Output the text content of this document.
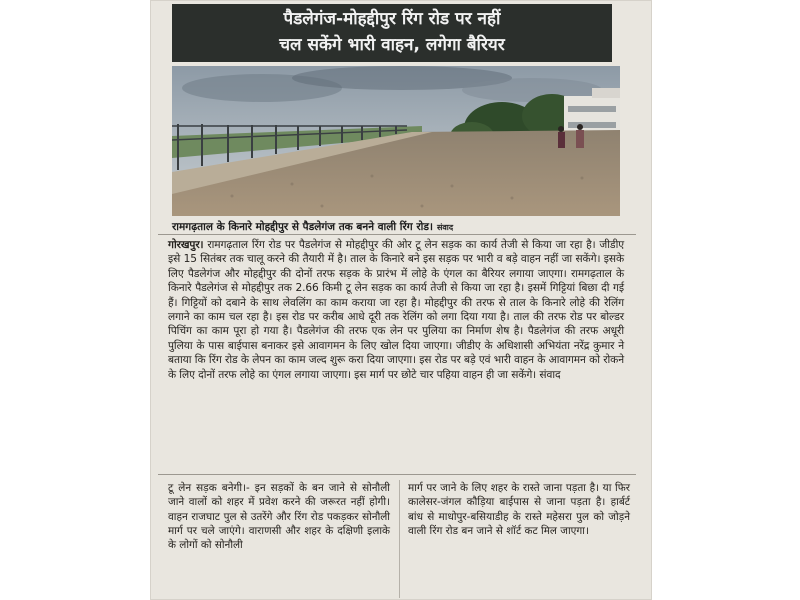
पैडलेगंज-मोहद्दीपुर रिंग रोड पर नहीं
चल सकेंगे भारी वाहन, लगेगा बैरियर
रामगढ़ताल के किनारे मोहद्दीपुर से पैडलेगंज तक बनने वाली रिंग रोड। संवाद
गोरखपुर। रामगढ़ताल रिंग रोड पर पैडलेगंज से मोहद्दीपुर की ओर टू लेन सड़क का कार्य तेजी से किया जा रहा है। जीडीए इसे 15 सितंबर तक चालू करने की तैयारी में है। ताल के किनारे बने इस सड़क पर भारी व बड़े वाहन नहीं जा सकेंगे। इसके लिए पैडलेगंज और मोहद्दीपुर की दोनों तरफ सड़क के प्रारंभ में लोहे के एंगल का बैरियर लगाया जाएगा। रामगढ़ताल के किनारे पैडलेगंज से मोहद्दीपुर तक 2.66 किमी टू लेन सड़क का कार्य तेजी से किया जा रहा है। इसमें गिट्टियां बिछा दी गई हैं। गिट्टियों को दबाने के साथ लेवलिंग का काम कराया जा रहा है। मोहद्दीपुर की तरफ से ताल के किनारे लोहे की रेलिंग लगाने का काम चल रहा है। इस रोड पर करीब आधे दूरी तक रेलिंग को लगा दिया गया है। ताल की तरफ रोड पर बोल्डर पिचिंग का काम पूरा हो गया है। पैडलेगंज की तरफ एक लेन पर पुलिया का निर्माण शेष है। पैडलेगंज की तरफ अधूरी पुलिया के पास बाईपास बनाकर इसे आवागमन के लिए खोल दिया जाएगा। जीडीए के अधिशासी अभियंता नरेंद्र कुमार ने बताया कि रिंग रोड के लेपन का काम जल्द शुरू करा दिया जाएगा। इस रोड पर बड़े एवं भारी वाहन के आवागमन को रोकने के लिए दोनों तरफ लोहे का एंगल लगाया जाएगा। इस मार्ग पर छोटे चार पहिया वाहन ही जा सकेंगे। संवाद
टू लेन सड़क बनेगी।- इन सड़कों के बन जाने से सोनौली जाने वालों को शहर में प्रवेश करने की जरूरत नहीं होगी। वाहन राजघाट पुल से उतरेंगे और रिंग रोड पकड़कर सोनौली मार्ग पर चले जाएंगे। वाराणसी और शहर के दक्षिणी इलाके के लोगों को सोनौली
मार्ग पर जाने के लिए शहर के रास्ते जाना पड़ता है। या फिर कालेसर-जंगल कौड़िया बाईपास से जाना पड़ता है। हार्बर्ट बांध से माधोपुर-बसियाडीह के रास्ते महेसरा पुल को जोड़ने वाली रिंग रोड बन जाने से शॉर्ट कट मिल जाएगा।
